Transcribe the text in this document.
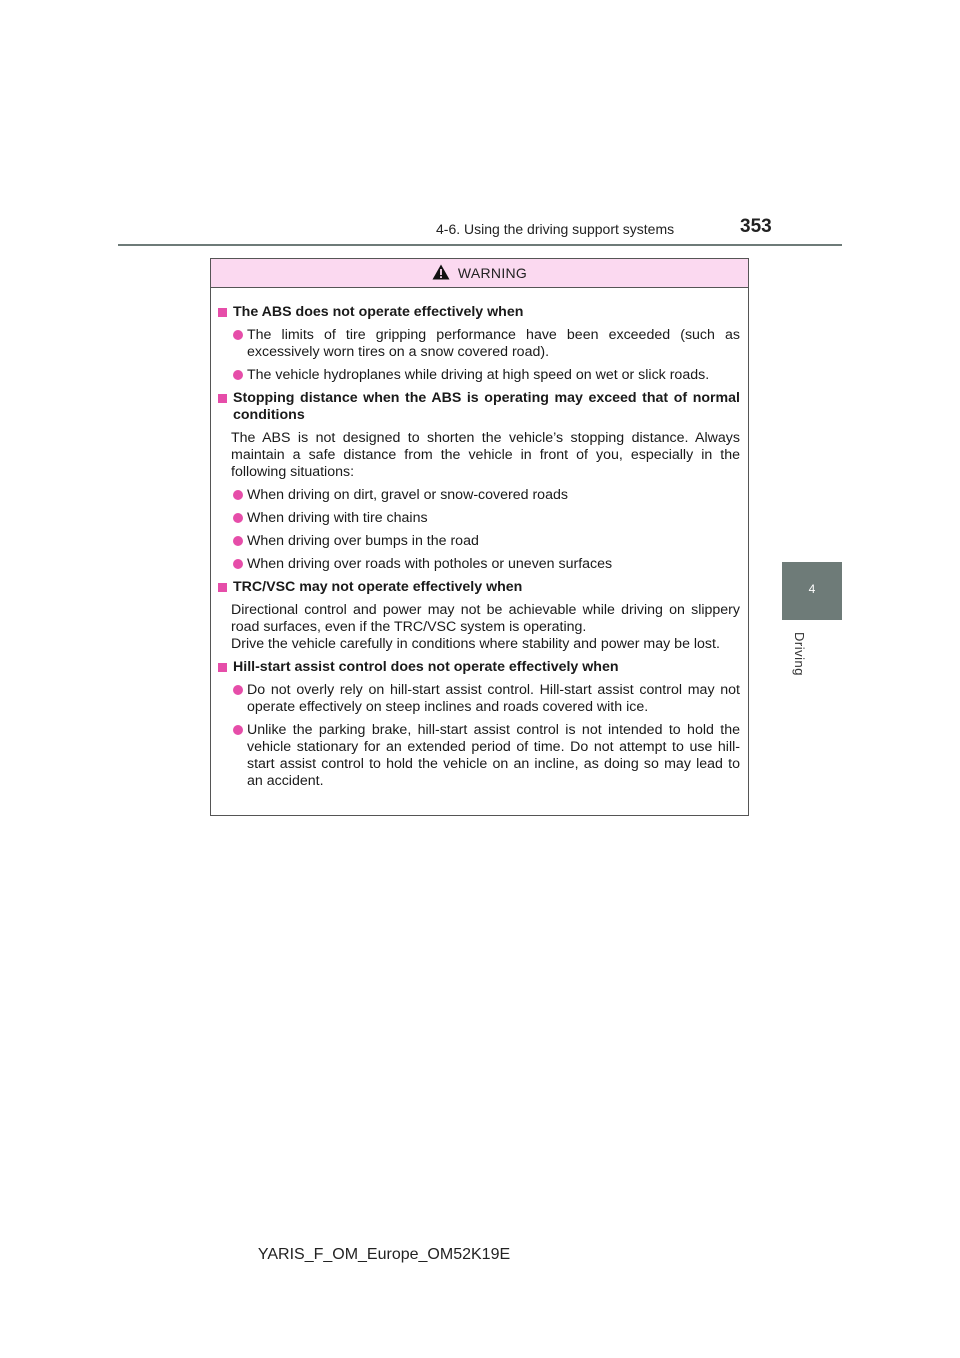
4-6. Using the driving support systems	353
4
Driving
WARNING
The ABS does not operate effectively when
The limits of tire gripping performance have been exceeded (such as excessively worn tires on a snow covered road).
The vehicle hydroplanes while driving at high speed on wet or slick roads.
Stopping distance when the ABS is operating may exceed that of normal conditions
The ABS is not designed to shorten the vehicle’s stopping distance. Always maintain a safe distance from the vehicle in front of you, especially in the following situations:
When driving on dirt, gravel or snow-covered roads
When driving with tire chains
When driving over bumps in the road
When driving over roads with potholes or uneven surfaces
TRC/VSC may not operate effectively when
Directional control and power may not be achievable while driving on slippery road surfaces, even if the TRC/VSC system is operating.
Drive the vehicle carefully in conditions where stability and power may be lost.
Hill-start assist control does not operate effectively when
Do not overly rely on hill-start assist control. Hill-start assist control may not operate effectively on steep inclines and roads covered with ice.
Unlike the parking brake, hill-start assist control is not intended to hold the vehicle stationary for an extended period of time. Do not attempt to use hill-start assist control to hold the vehicle on an incline, as doing so may lead to an accident.
YARIS_F_OM_Europe_OM52K19E
